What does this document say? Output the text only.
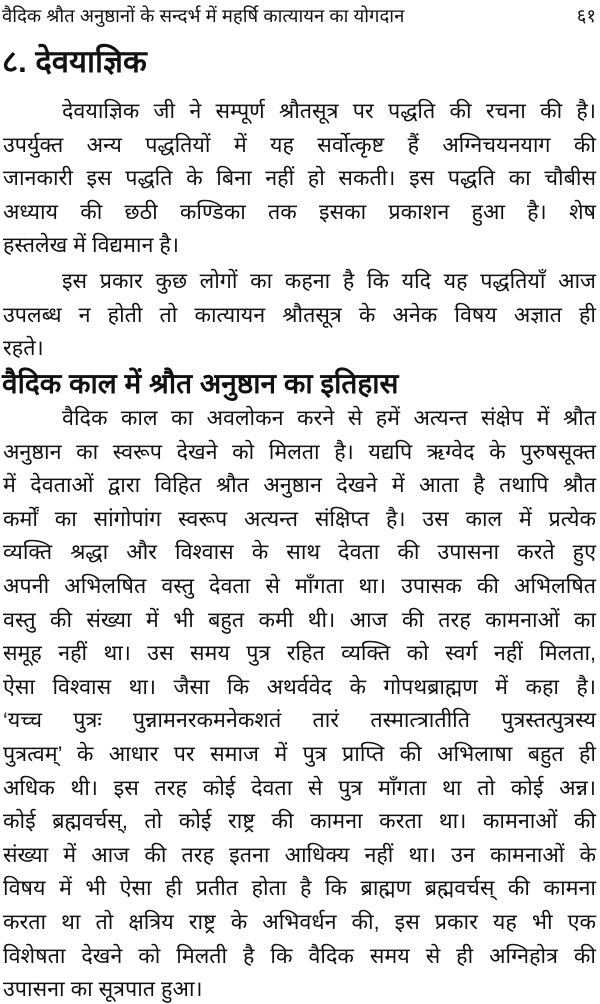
वैदिक श्रौत अनुष्ठानों के सन्दर्भ में महर्षि कात्यायन का योगदान	६१
८. देवयाज्ञिक
वैदिक काल में श्रौत अनुष्ठान का इतिहास
देवयाज्ञिक जी ने सम्पूर्ण श्रौतसूत्र पर पद्धति की रचना की है।
उपर्युक्त अन्य पद्धतियों में यह सर्वोत्कृष्ट हैं अग्निचयनयाग की
जानकारी इस पद्धति के बिना नहीं हो सकती। इस पद्धति का चौबीस
अध्याय की छठी कण्डिका तक इसका प्रकाशन हुआ है। शेष
हस्तलेख में विद्यमान है।
इस प्रकार कुछ लोगों का कहना है कि यदि यह पद्धतियाँ आज
उपलब्ध न होती तो कात्यायन श्रौतसूत्र के अनेक विषय अज्ञात ही
रहते।
वैदिक काल का अवलोकन करने से हमें अत्यन्त संक्षेप में श्रौत
अनुष्ठान का स्वरूप देखने को मिलता है। यद्यपि ऋग्वेद के पुरुषसूक्त
में देवताओं द्वारा विहित श्रौत अनुष्ठान देखने में आता है तथापि श्रौत
कर्मों का सांगोपांग स्वरूप अत्यन्त संक्षिप्त है। उस काल में प्रत्येक
व्यक्ति श्रद्धा और विश्वास के साथ देवता की उपासना करते हुए
अपनी अभिलषित वस्तु देवता से माँगता था। उपासक की अभिलषित
वस्तु की संख्या में भी बहुत कमी थी। आज की तरह कामनाओं का
समूह नहीं था। उस समय पुत्र रहित व्यक्ति को स्वर्ग नहीं मिलता,
ऐसा विश्वास था। जैसा कि अथर्ववेद के गोपथब्राह्मण में कहा है।
‘यच्च पुत्रः पुन्नामनरकमनेकशतं तारं तस्मात्त्रातीति पुत्रस्तत्पुत्रस्य
पुत्रत्वम्’ के आधार पर समाज में पुत्र प्राप्ति की अभिलाषा बहुत ही
अधिक थी। इस तरह कोई देवता से पुत्र माँगता था तो कोई अन्न।
कोई ब्रह्मवर्चस्, तो कोई राष्ट्र की कामना करता था। कामनाओं की
संख्या में आज की तरह इतना आधिक्य नहीं था। उन कामनाओं के
विषय में भी ऐसा ही प्रतीत होता है कि ब्राह्मण ब्रह्मवर्चस् की कामना
करता था तो क्षत्रिय राष्ट्र के अभिवर्धन की, इस प्रकार यह भी एक
विशेषता देखने को मिलती है कि वैदिक समय से ही अग्निहोत्र की
उपासना का सूत्रपात हुआ।
